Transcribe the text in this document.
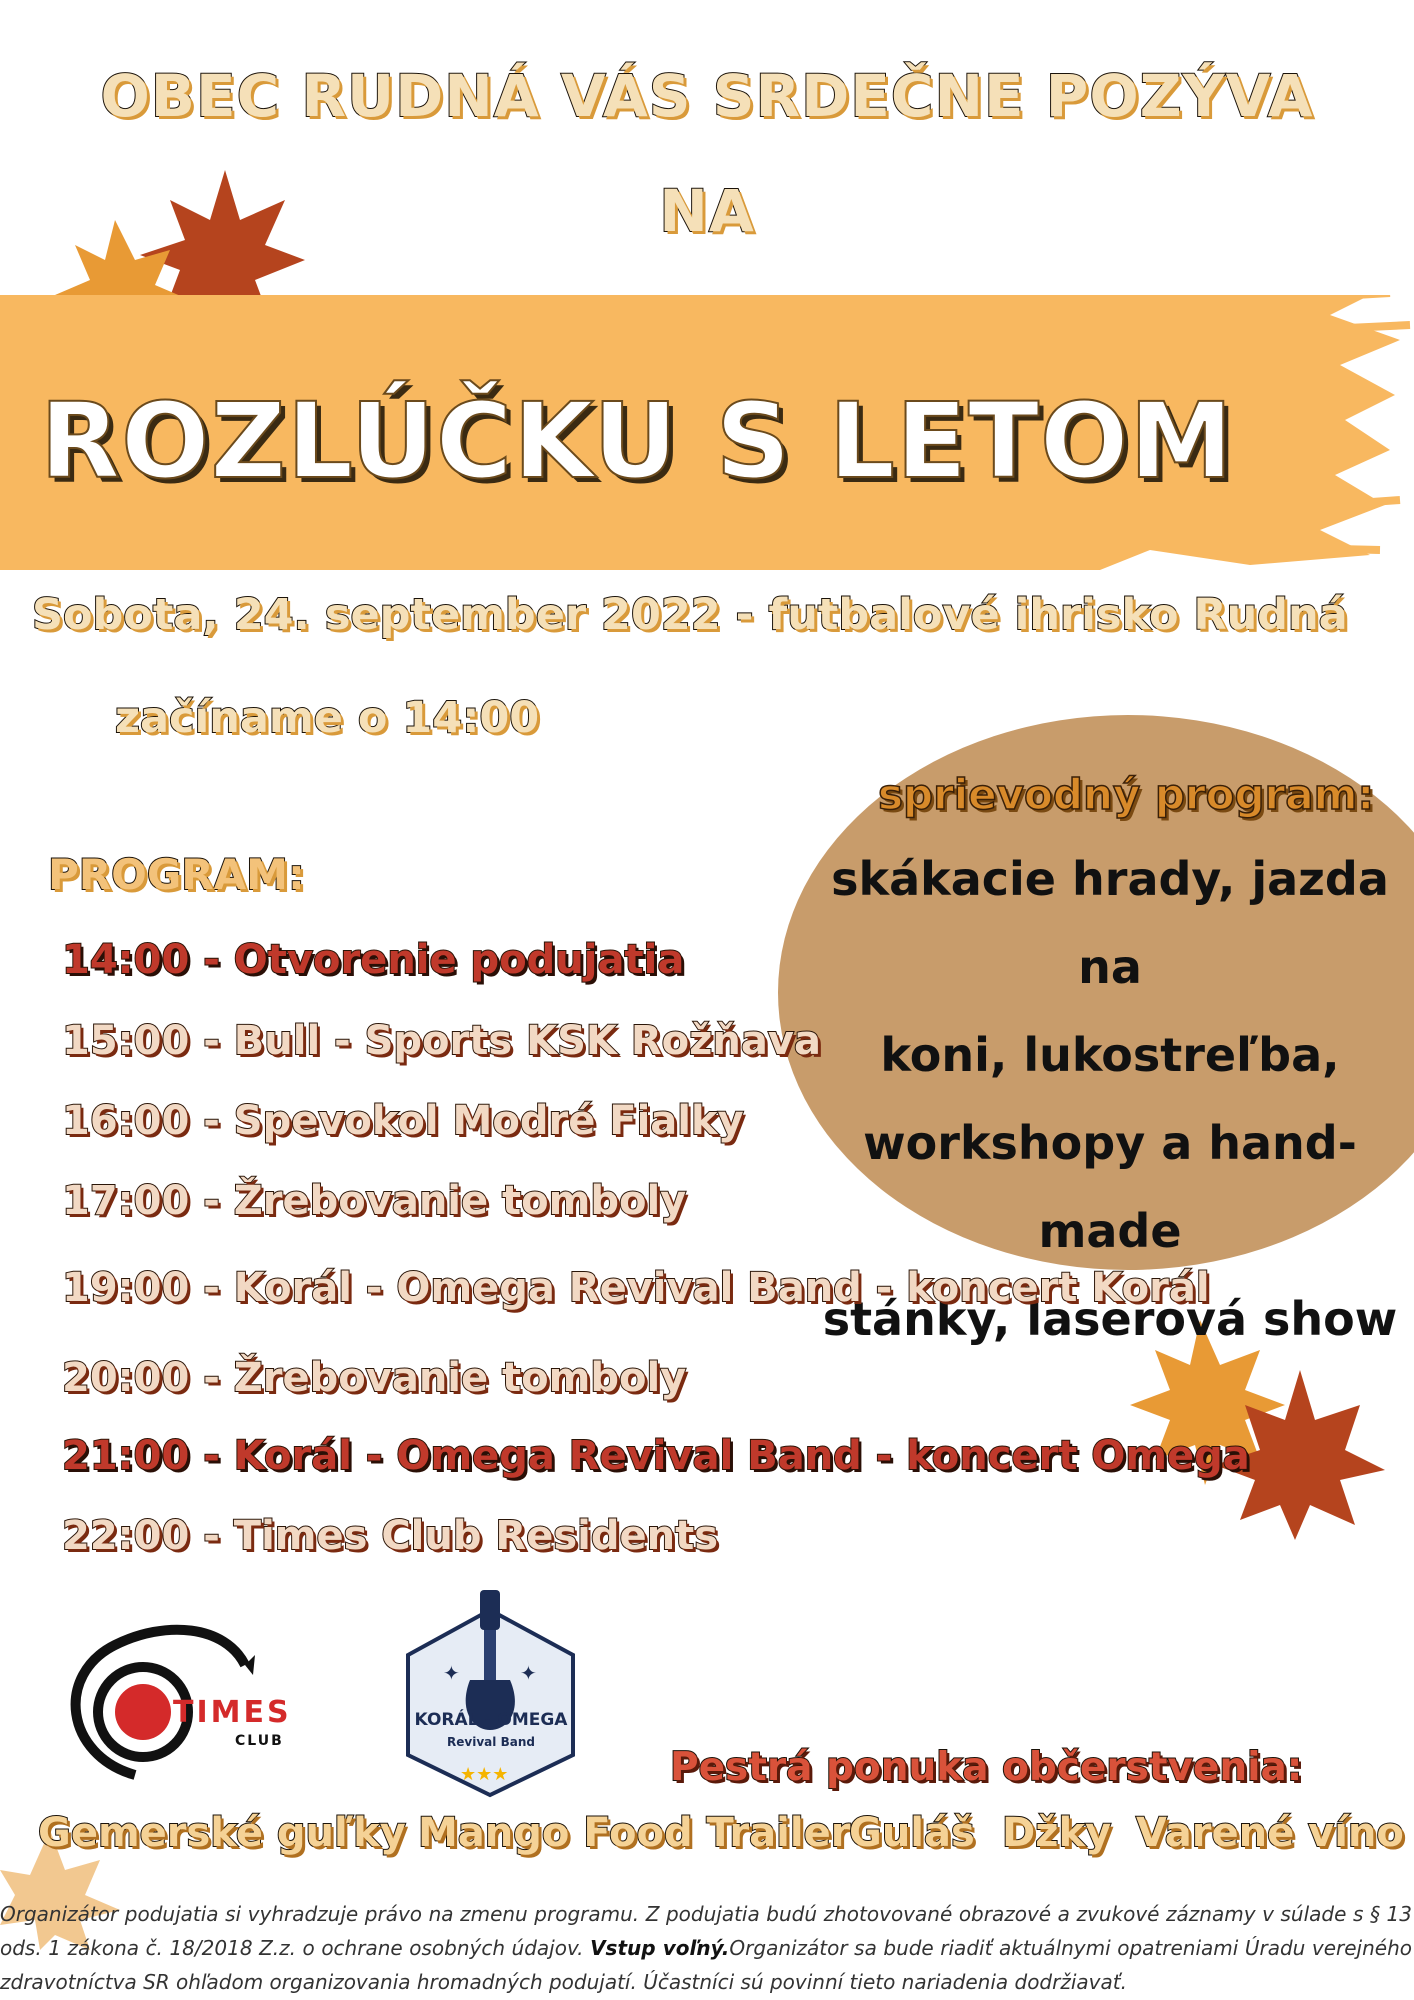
OBEC RUDNÁ VÁS SRDEČNE POZÝVA
NA
ROZLÚČKU S LETOM
Sobota, 24. september 2022 - futbalové ihrisko Rudná
začíname o 14:00
sprievodný program:
skákacie hrady, jazda na
koni, lukostreľba,
workshopy a hand-made
stánky, laserová show
PROGRAM:
14:00 - Otvorenie podujatia
15:00 - Bull - Sports KSK Rožňava
16:00 - Spevokol Modré Fialky
17:00 - Žrebovanie tomboly
19:00 - Korál - Omega Revival Band - koncert Korál
20:00 - Žrebovanie tomboly
21:00 - Korál - Omega Revival Band - koncert Omega
22:00 - Times Club Residents
TIMES
CLUB
✦	✦
★★★
KORÁL - OMEGA
Revival Band
Pestrá ponuka občerstvenia:
Gemerské guľky Mango Food Trailer
Guláš Džky Varené víno
Organizátor podujatia si vyhradzuje právo na zmenu programu. Z podujatia budú zhotovované obrazové a zvukové záznamy v súlade s § 13 ods. 1 zákona č. 18/2018 Z.z. o ochrane osobných údajov. Vstup voľný.Organizátor sa bude riadiť aktuálnymi opatreniami Úradu verejného zdravotníctva SR ohľadom organizovania hromadných podujatí. Účastníci sú povinní tieto nariadenia dodržiavať.
